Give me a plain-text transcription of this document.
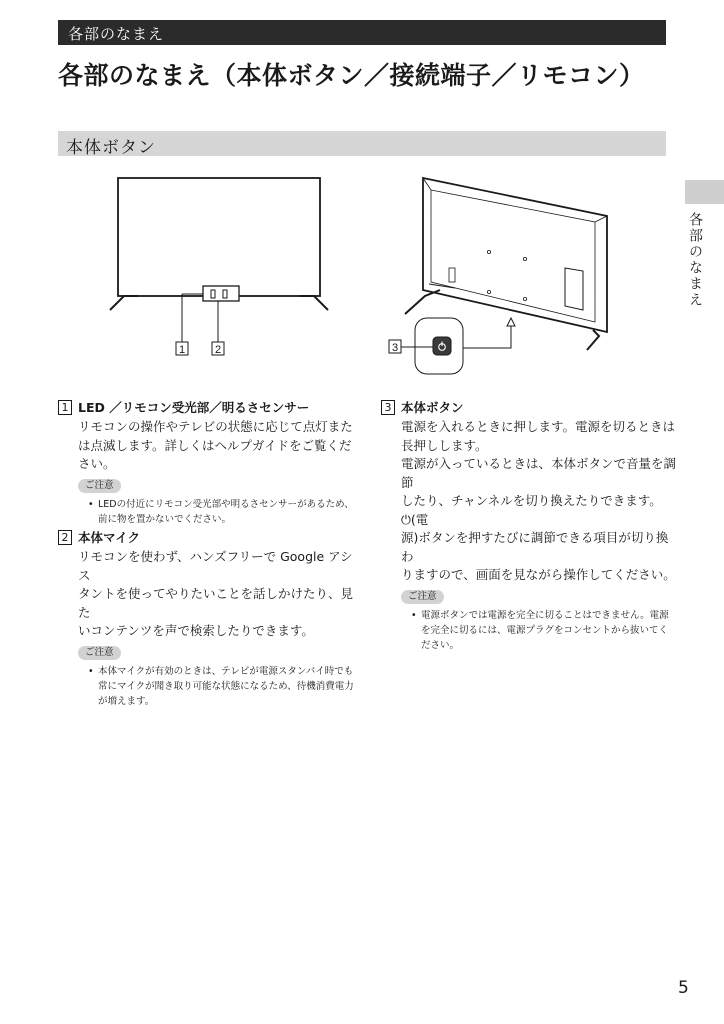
各部のなまえ
各部のなまえ（本体ボタン／接続端子／リモコン）
本体ボタン
各部のなまえ
1	2	3
1 LED ／リモコン受光部／明るさセンサー

リモコンの操作やテレビの状態に応じて点灯また
は点滅します。詳しくはヘルプガイドをご覧くだ
さい。

ご注意

• LEDの付近にリモコン受光部や明るさセンサーがあるため、前に物を置かないでください。

2 本体マイク

リモコンを使わず、ハンズフリーで Google アシス
タントを使ってやりたいことを話しかけたり、見た
いコンテンツを声で検索したりできます。

ご注意

• 本体マイクが有効のときは、テレビが電源スタンバイ時でも常にマイクが聞き取り可能な状態になるため、待機消費電力が増えます。

3 本体ボタン

電源を入れるときに押します。電源を切るときは
長押しします。
電源が入っているときは、本体ボタンで音量を調節
したり、チャンネルを切り換えたりできます。⏻(電
源)ボタンを押すたびに調節できる項目が切り換わ
りますので、画面を見ながら操作してください。

ご注意

• 電源ボタンでは電源を完全に切ることはできません。電源を完全に切るには、電源プラグをコンセントから抜いてください。

5
